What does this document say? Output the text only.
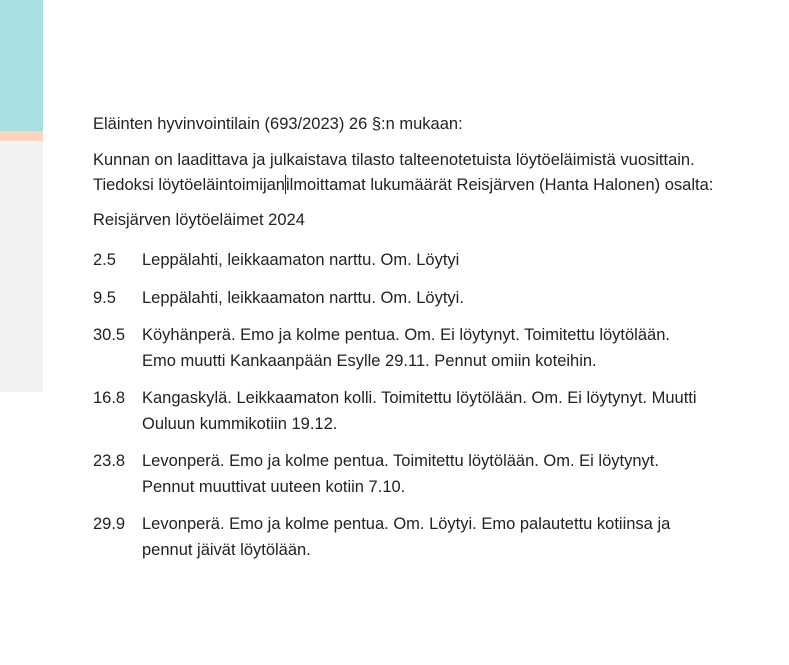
Eläinten hyvinvointilain (693/2023) 26 §:n mukaan:

Kunnan on laadittava ja julkaistava tilasto talteenotetuista löytöeläimistä vuosittain. Tiedoksi löytöeläintoimijanilmoittamat lukumäärät Reisjärven (Hanta Halonen) osalta:

Reisjärven löytöeläimet 2024

2.5	Leppälahti, leikkaamaton narttu. Om. Löytyi
9.5	Leppälahti, leikkaamaton narttu. Om. Löytyi.
30.5	Köyhänperä. Emo ja kolme pentua. Om. Ei löytynyt. Toimitettu löytölään. Emo muutti Kankaanpään Esylle 29.11. Pennut omiin koteihin.
16.8	Kangaskylä. Leikkaamaton kolli. Toimitettu löytölään. Om. Ei löytynyt. Muutti Ouluun kummikotiin 19.12.
23.8	Levonperä. Emo ja kolme pentua. Toimitettu löytölään. Om. Ei löytynyt. Pennut muuttivat uuteen kotiin 7.10.
29.9	Levonperä. Emo ja kolme pentua. Om. Löytyi. Emo palautettu kotiinsa ja pennut jäivät löytölään.
